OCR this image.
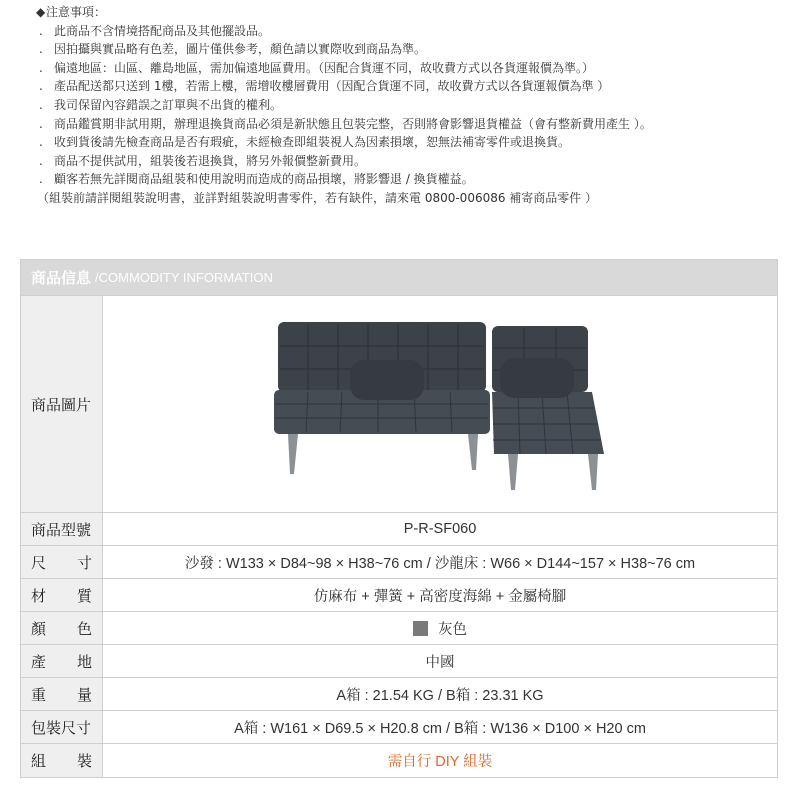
◆注意事項：
. 此商品不含情境搭配商品及其他擺設品。
. 因拍攝與實品略有色差，圖片僅供參考，顏色請以實際收到商品為準。
. 偏遠地區：山區、離島地區，需加偏遠地區費用。（因配合貨運不同，故收費方式以各貨運報價為準。）
. 產品配送都只送到 1樓，若需上樓，需增收樓層費用（因配合貨運不同，故收費方式以各貨運報價為準 ）
. 我司保留內容錯誤之訂單與不出貨的權利。
. 商品鑑賞期非試用期，辦理退換貨商品必須是新狀態且包裝完整，否則將會影響退貨權益（會有整新費用產生 ）。
. 收到貨後請先檢查商品是否有瑕疵，未經檢查即組裝視人為因素損壞，恕無法補寄零件或退換貨。
. 商品不提供試用，組裝後若退換貨，將另外報價整新費用。
. 顧客若無先詳閱商品組裝和使用說明而造成的商品損壞，將影響退 / 換貨權益。
（組裝前請詳閱組裝說明書，並詳對組裝說明書零件，若有缺件，請來電 0800-006086 補寄商品零件 ）
商品信息 /COMMODITY INFORMATION
商品圖片
商品型號	P-R-SF060
尺 寸	沙發 : W133 × D84~98 × H38~76 cm / 沙龍床 : W66 × D144~157 × H38~76 cm
材 質	仿麻布 + 彈簧 + 高密度海綿 + 金屬椅腳
顏 色	灰色
產 地	中國
重 量	A箱 : 21.54 KG / B箱 : 23.31 KG
包裝尺寸	A箱 : W161 × D69.5 × H20.8 cm / B箱 : W136 × D100 × H20 cm
組 裝	需自行 DIY 組裝
